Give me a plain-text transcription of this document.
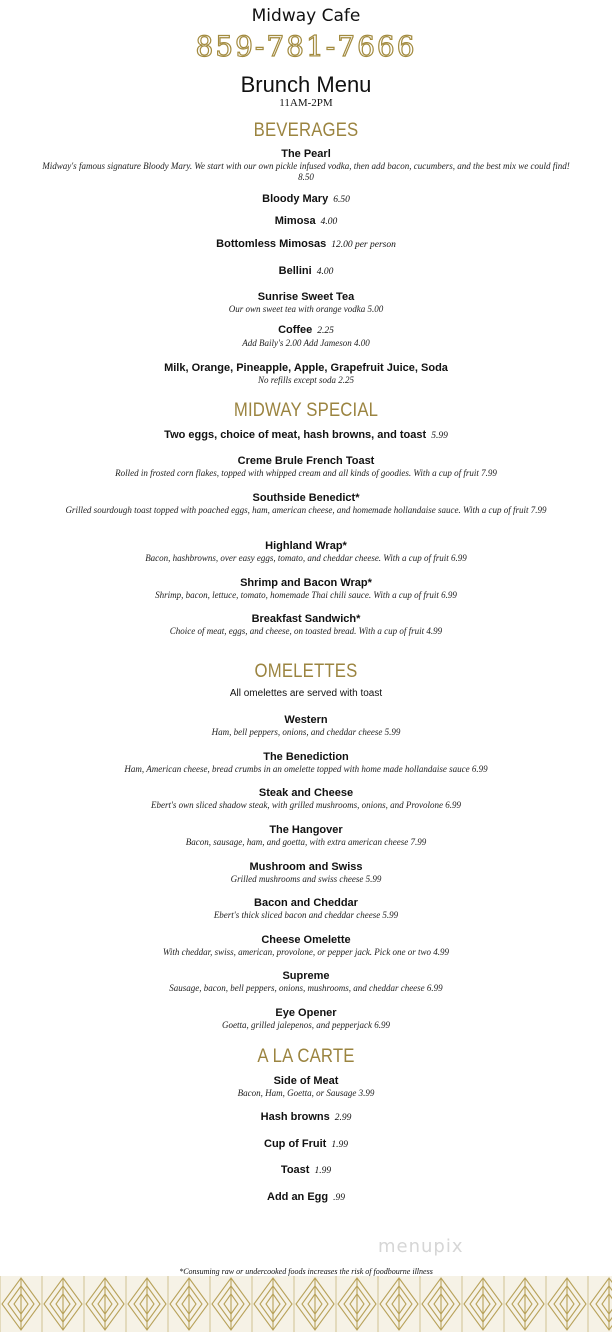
Midway Cafe
859-781-7666
Brunch Menu
11AM-2PM
BEVERAGES
The Pearl
Midway's famous signature Bloody Mary. We start with our own pickle infused vodka, then add bacon, cucumbers, and the best mix we could find! 8.50
Bloody Mary 6.50
Mimosa 4.00
Bottomless Mimosas 12.00 per person
Bellini 4.00
Sunrise Sweet Tea
Our own sweet tea with orange vodka 5.00
Coffee 2.25
Add Baily's 2.00 Add Jameson 4.00
Milk, Orange, Pineapple, Apple, Grapefruit Juice, Soda
No refills except soda 2.25
MIDWAY SPECIAL
Two eggs, choice of meat, hash browns, and toast 5.99
Creme Brule French Toast
Rolled in frosted corn flakes, topped with whipped cream and all kinds of goodies. With a cup of fruit 7.99
Southside Benedict*
Grilled sourdough toast topped with poached eggs, ham, american cheese, and homemade hollandaise sauce. With a cup of fruit 7.99
Highland Wrap*
Bacon, hashbrowns, over easy eggs, tomato, and cheddar cheese. With a cup of fruit 6.99
Shrimp and Bacon Wrap*
Shrimp, bacon, lettuce, tomato, homemade Thai chili sauce. With a cup of fruit 6.99
Breakfast Sandwich*
Choice of meat, eggs, and cheese, on toasted bread. With a cup of fruit 4.99
OMELETTES
All omelettes are served with toast
Western
Ham, bell peppers, onions, and cheddar cheese 5.99
The Benediction
Ham, American cheese, bread crumbs in an omelette topped with home made hollandaise sauce 6.99
Steak and Cheese
Ebert's own sliced shadow steak, with grilled mushrooms, onions, and Provolone 6.99
The Hangover
Bacon, sausage, ham, and goetta, with extra american cheese 7.99
Mushroom and Swiss
Grilled mushrooms and swiss cheese 5.99
Bacon and Cheddar
Ebert's thick sliced bacon and cheddar cheese 5.99
Cheese Omelette
With cheddar, swiss, american, provolone, or pepper jack. Pick one or two 4.99
Supreme
Sausage, bacon, bell peppers, onions, mushrooms, and cheddar cheese 6.99
Eye Opener
Goetta, grilled jalepenos, and pepperjack 6.99
A LA CARTE
Side of Meat
Bacon, Ham, Goetta, or Sausage 3.99
Hash browns 2.99
Cup of Fruit 1.99
Toast 1.99
Add an Egg .99
menupix
*Consuming raw or undercooked foods increases the risk of foodbourne illness
